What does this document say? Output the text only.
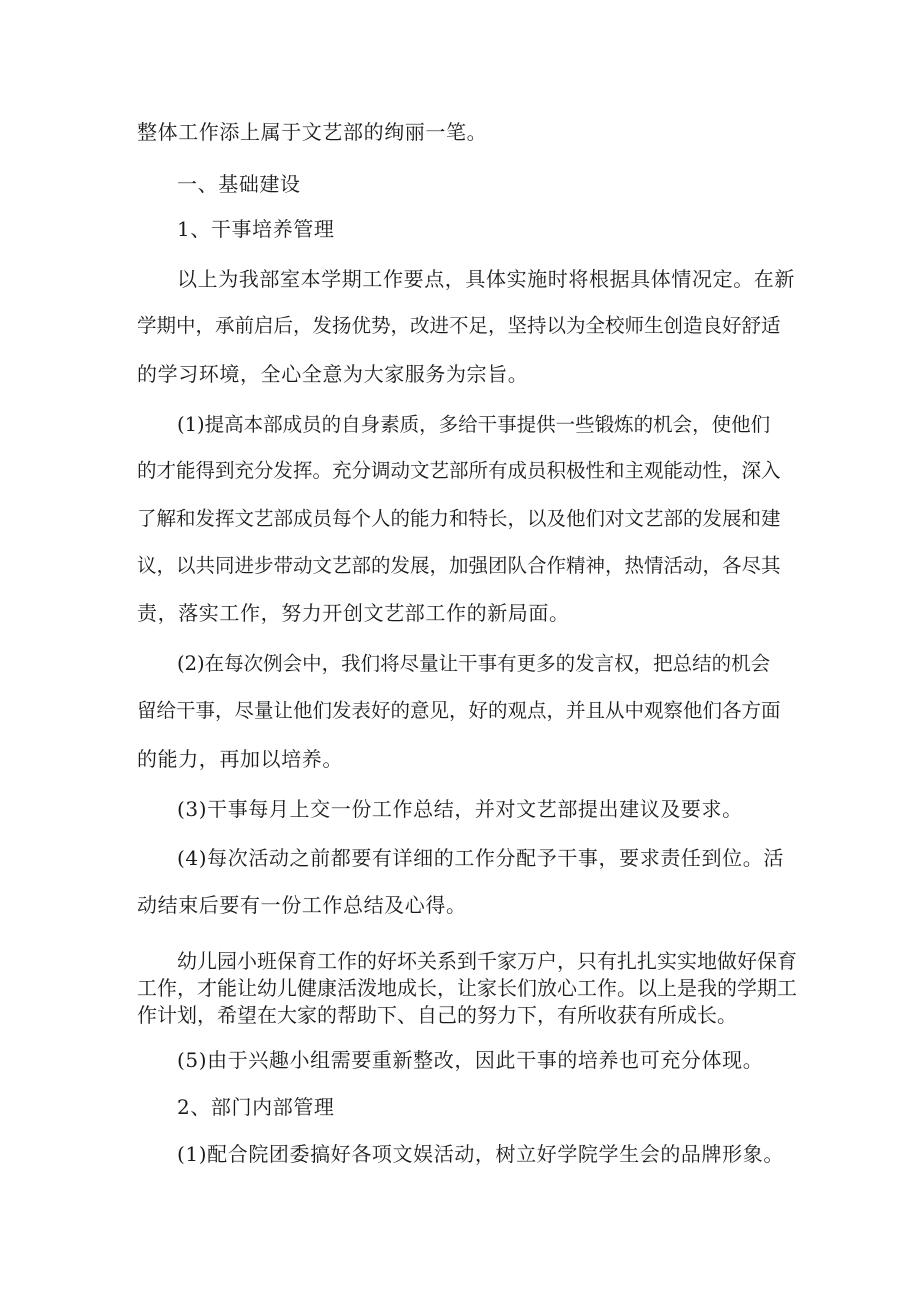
整体工作添上属于文艺部的绚丽一笔。
一、基础建设
1、干事培养管理
以上为我部室本学期工作要点，具体实施时将根据具体情况定。在新
学期中，承前启后，发扬优势，改进不足，坚持以为全校师生创造良好舒适
的学习环境，全心全意为大家服务为宗旨。
(1)提高本部成员的自身素质，多给干事提供一些锻炼的机会，使他们
的才能得到充分发挥。充分调动文艺部所有成员积极性和主观能动性，深入
了解和发挥文艺部成员每个人的能力和特长，以及他们对文艺部的发展和建
议，以共同进步带动文艺部的发展，加强团队合作精神，热情活动，各尽其
责，落实工作，努力开创文艺部工作的新局面。
(2)在每次例会中，我们将尽量让干事有更多的发言权，把总结的机会
留给干事，尽量让他们发表好的意见，好的观点，并且从中观察他们各方面
的能力，再加以培养。
(3)干事每月上交一份工作总结，并对文艺部提出建议及要求。
(4)每次活动之前都要有详细的工作分配予干事，要求责任到位。活
动结束后要有一份工作总结及心得。
幼儿园小班保育工作的好坏关系到千家万户，只有扎扎实实地做好保育
工作，才能让幼儿健康活泼地成长，让家长们放心工作。以上是我的学期工
作计划，希望在大家的帮助下、自己的努力下，有所收获有所成长。
(5)由于兴趣小组需要重新整改，因此干事的培养也可充分体现。
2、部门内部管理
(1)配合院团委搞好各项文娱活动，树立好学院学生会的品牌形象。
